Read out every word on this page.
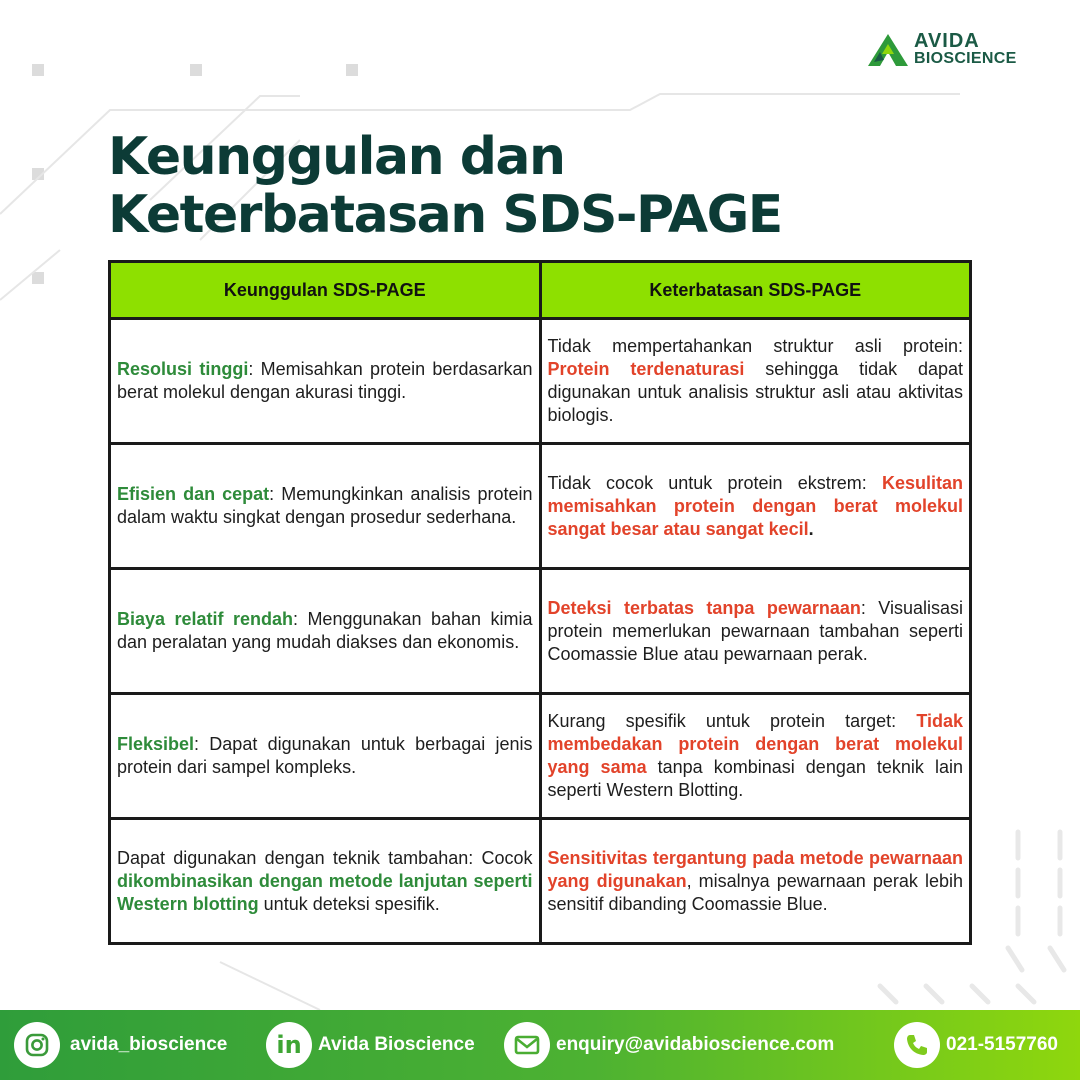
AVIDA
BIOSCIENCE
Keunggulan dan
Keterbatasan SDS-PAGE
Keunggulan SDS-PAGE	Keterbatasan SDS-PAGE
Resolusi tinggi: Memisahkan protein berdasarkan berat molekul dengan akurasi tinggi.	Tidak mempertahankan struktur asli protein: Protein terdenaturasi sehingga tidak dapat digunakan untuk analisis struktur asli atau aktivitas biologis.
Efisien dan cepat: Memungkinkan analisis protein dalam waktu singkat dengan prosedur sederhana.	Tidak cocok untuk protein ekstrem: Kesulitan memisahkan protein dengan berat molekul sangat besar atau sangat kecil.
Biaya relatif rendah: Menggunakan bahan kimia dan peralatan yang mudah diakses dan ekonomis.	Deteksi terbatas tanpa pewarnaan: Visualisasi protein memerlukan pewarnaan tambahan seperti Coomassie Blue atau pewarnaan perak.
Fleksibel: Dapat digunakan untuk berbagai jenis protein dari sampel kompleks.	Kurang spesifik untuk protein target: Tidak membedakan protein dengan berat molekul yang sama tanpa kombinasi dengan teknik lain seperti Western Blotting.
Dapat digunakan dengan teknik tambahan: Cocok dikombinasikan dengan metode lanjutan seperti Western blotting untuk deteksi spesifik.	Sensitivitas tergantung pada metode pewarnaan yang digunakan, misalnya pewarnaan perak lebih sensitif dibanding Coomassie Blue.
avida_bioscience in Avida Bioscience	enquiry@avidabioscience.com	021-5157760
